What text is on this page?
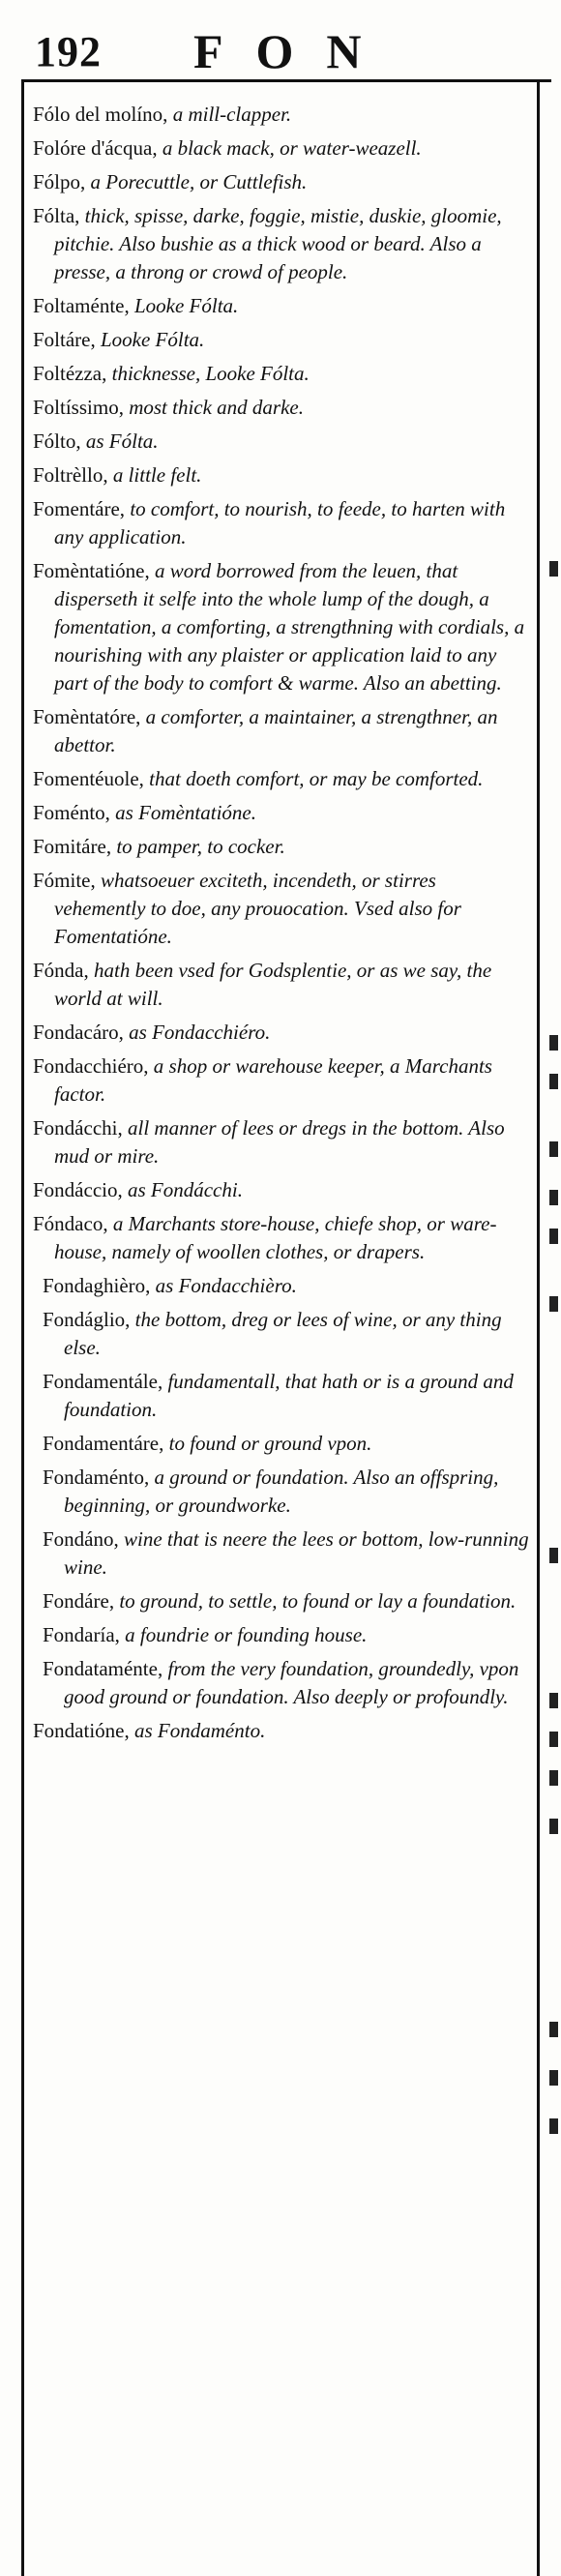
192 FON
Fólo del molíno, a mill-clapper.
Folóre d'ácqua, a black mack, or water-weazell.
Fólpo, a Porecuttle, or Cuttlefish.
Fólta, thick, spisse, darke, foggie, mistie, duskie, gloomie, pitchie. Also bushie as a thick wood or beard. Also a presse, a throng or crowd of people.
Foltaménte, Looke Fólta.
Foltáre, Looke Fólta.
Foltézza, thicknesse, Looke Fólta.
Foltíssimo, most thick and darke.
Fólto, as Fólta.
Foltrèllo, a little felt.
Fomentáre, to comfort, to nourish, to feede, to harten with any application.
Fomèntatióne, a word borrowed from the leuen, that disperseth it selfe into the whole lump of the dough, a fomentation, a comforting, a strengthning with cordials, a nourishing with any plaister or application laid to any part of the body to comfort & warme. Also an abetting.
Fomèntatóre, a comforter, a maintainer, a strengthner, an abettor.
Fomentéuole, that doeth comfort, or may be comforted.
Foménto, as Fomèntatióne.
Fomitáre, to pamper, to cocker.
Fómite, whatsoeuer exciteth, incendeth, or stirres vehemently to doe, any prouocation. Vsed also for Fomentatióne.
Fónda, hath been vsed for Godsplentie, or as we say, the world at will.
Fondacáro, as Fondacchiéro.
Fondacchiéro, a shop or warehouse keeper, a Marchants factor.
Fondácchi, all manner of lees or dregs in the bottom. Also mud or mire.
Fondáccio, as Fondácchi.
Fóndaco, a Marchants store-house, chiefe shop, or ware-house, namely of woollen clothes, or drapers.
Fondaghièro, as Fondacchièro.
Fondáglio, the bottom, dreg or lees of wine, or any thing else.
Fondamentále, fundamentall, that hath or is a ground and foundation.
Fondamentáre, to found or ground vpon.
Fondaménto, a ground or foundation. Also an offspring, beginning, or groundworke.
Fondáno, wine that is neere the lees or bottom, low-running wine.
Fondáre, to ground, to settle, to found or lay a foundation.
Fondaría, a foundrie or founding house.
Fondataménte, from the very foundation, groundedly, vpon good ground or foundation. Also deeply or profoundly.
Fondatióne, as Fondaménto.
